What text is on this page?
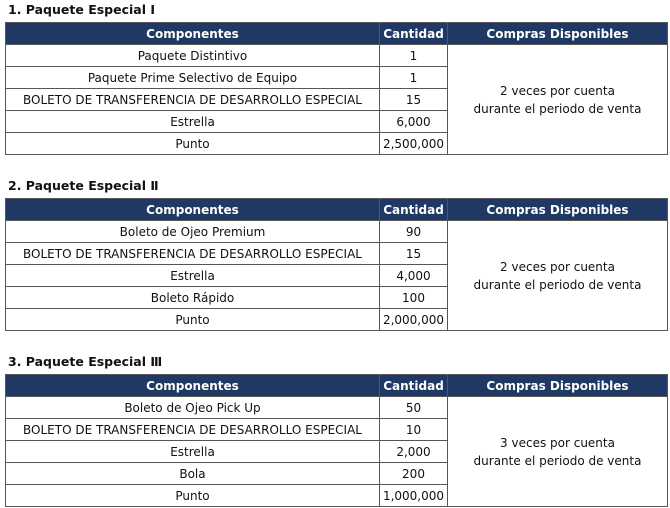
1. Paquete Especial Ⅰ
Componentes	Cantidad	Compras Disponibles
Paquete Distintivo	1	2 veces por cuenta
durante el periodo de venta

Paquete Prime Selectivo de Equipo	1	
BOLETO DE TRANSFERENCIA DE DESARROLLO ESPECIAL	15	
Estrella	6,000	
Punto	2,500,000	
2. Paquete Especial Ⅱ
Componentes	Cantidad	Compras Disponibles
Boleto de Ojeo Premium	90	2 veces por cuenta
durante el periodo de venta

BOLETO DE TRANSFERENCIA DE DESARROLLO ESPECIAL	15	
Estrella	4,000	
Boleto Rápido	100	
Punto	2,000,000	
3. Paquete Especial Ⅲ
Componentes	Cantidad	Compras Disponibles
Boleto de Ojeo Pick Up	50	3 veces por cuenta
durante el periodo de venta

BOLETO DE TRANSFERENCIA DE DESARROLLO ESPECIAL	10	
Estrella	2,000	
Bola	200	
Punto	1,000,000	
